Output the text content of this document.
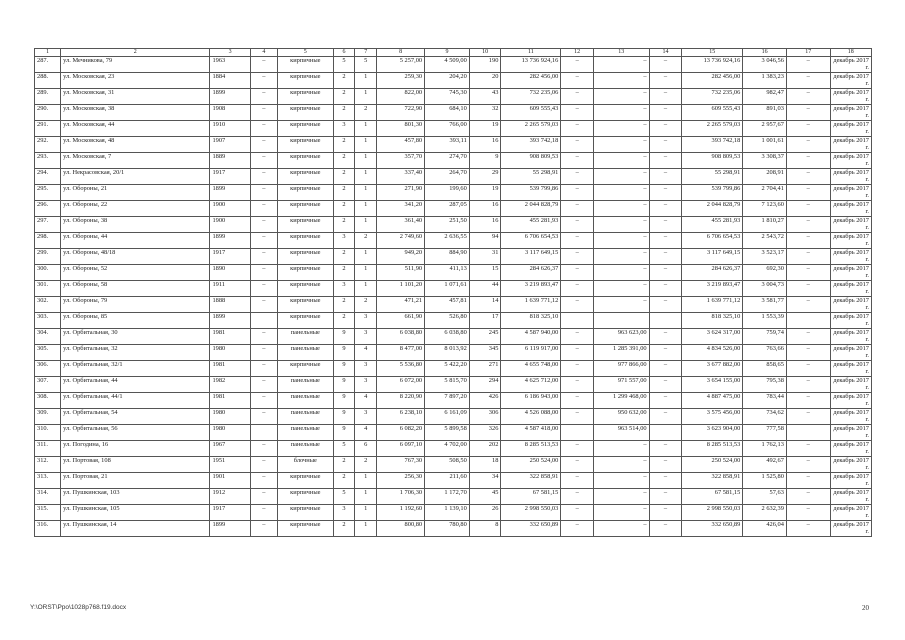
1	2	3	4	5	6	7	8	9	10	11	12	13	14	15	16	17	18
287.	ул. Мечникова, 79	1963	–	кирпичные	5	5	5 257,00	4 509,00	190	13 736 924,16	–	–	–	13 736 924,16	3 046,56	–	декабрь 2017 г.
288.	ул. Московская, 23	1884	–	кирпичные	2	1	259,30	204,20	20	282 456,00	–	–	–	282 456,00	1 383,23	–	декабрь 2017 г.
289.	ул. Московская, 31	1899	–	кирпичные	2	1	822,00	745,30	43	732 235,06	–	–	–	732 235,06	982,47	–	декабрь 2017 г.
290.	ул. Московская, 38	1908	–	кирпичные	2	2	722,90	684,10	32	609 555,43	–	–	–	609 555,43	891,03	–	декабрь 2017 г.
291.	ул. Московская, 44	1910	–	кирпичные	3	1	801,30	766,00	19	2 265 579,03	–	–	–	2 265 579,03	2 957,67	–	декабрь 2017 г.
292.	ул. Московская, 48	1907	–	кирпичные	2	1	457,80	393,11	16	393 742,18	–	–	–	393 742,18	1 001,61	–	декабрь 2017 г.
293.	ул. Московская, 7	1889	–	кирпичные	2	1	357,70	274,70	9	908 809,53	–	–	–	908 809,53	3 308,37	–	декабрь 2017 г.
294.	ул. Некрасовская, 20/1	1917	–	кирпичные	2	1	337,40	264,70	29	55 298,91	–	–	–	55 298,91	208,91	–	декабрь 2017 г.
295.	ул. Обороны, 21	1899	–	кирпичные	2	1	271,90	199,60	19	539 799,86	–	–	–	539 799,86	2 704,41	–	декабрь 2017 г.
296.	ул. Обороны, 22	1900	–	кирпичные	2	1	341,20	287,05	16	2 044 828,79	–	–	–	2 044 828,79	7 123,60	–	декабрь 2017 г.
297.	ул. Обороны, 38	1900	–	кирпичные	2	1	361,40	251,50	16	455 281,93	–	–	–	455 281,93	1 810,27	–	декабрь 2017 г.
298.	ул. Обороны, 44	1899	–	кирпичные	3	2	2 749,60	2 636,55	94	6 706 654,53	–	–	–	6 706 654,53	2 543,72	–	декабрь 2017 г.
299.	ул. Обороны, 48/18	1917	–	кирпичные	2	1	949,20	884,90	31	3 117 649,15	–	–	–	3 117 649,15	3 523,17	–	декабрь 2017 г.
300.	ул. Обороны, 52	1890	–	кирпичные	2	1	511,90	411,13	15	284 626,37	–	–	–	284 626,37	692,30	–	декабрь 2017 г.
301.	ул. Обороны, 58	1911	–	кирпичные	3	1	1 101,20	1 071,61	44	3 219 893,47	–	–	–	3 219 893,47	3 004,73	–	декабрь 2017 г.
302.	ул. Обороны, 79	1888	–	кирпичные	2	2	471,21	457,81	14	1 639 771,12	–	–	–	1 639 771,12	3 581,77	–	декабрь 2017 г.
303.	ул. Обороны, 85	1899		кирпичные	2	3	661,90	526,80	17	818 325,10				818 325,10	1 553,39		декабрь 2017 г.
304.	ул. Орбитальная, 30	1981	–	панельные	9	3	6 038,80	6 038,80	245	4 587 940,00	–	963 623,00	–	3 624 317,00	759,74	–	декабрь 2017 г.
305.	ул. Орбитальная, 32	1980	–	панельные	9	4	8 477,00	8 013,92	345	6 119 917,00	–	1 285 391,00	–	4 834 526,00	763,66	–	декабрь 2017 г.
306.	ул. Орбитальная, 32/1	1981	–	кирпичные	9	3	5 536,80	5 422,20	271	4 655 748,00	–	977 866,00	–	3 677 882,00	858,65	–	декабрь 2017 г.
307.	ул. Орбитальная, 44	1982	–	панельные	9	3	6 072,00	5 815,70	294	4 625 712,00	–	971 557,00	–	3 654 155,00	795,38	–	декабрь 2017 г.
308.	ул. Орбитальная, 44/1	1981	–	панельные	9	4	8 220,90	7 897,20	426	6 186 943,00	–	1 299 468,00	–	4 887 475,00	783,44	–	декабрь 2017 г.
309.	ул. Орбитальная, 54	1980	–	панельные	9	3	6 238,10	6 161,09	306	4 526 088,00	–	950 632,00	–	3 575 456,00	734,62	–	декабрь 2017 г.
310.	ул. Орбитальная, 56	1980		панельные	9	4	6 082,20	5 899,58	326	4 587 418,00		963 514,00		3 623 904,00	777,58		декабрь 2017 г.
311.	ул. Погодина, 16	1967	–	панельные	5	6	6 097,10	4 702,00	202	8 285 513,53	–	–	–	8 285 513,53	1 762,13	–	декабрь 2017 г.
312.	ул. Портовая, 108	1951	–	блочные	2	2	767,30	508,50	18	250 524,00	–	–	–	250 524,00	492,67	–	декабрь 2017 г.
313.	ул. Портовая, 21	1901	–	кирпичные	2	1	256,30	211,60	34	322 858,91	–	–	–	322 858,91	1 525,80	–	декабрь 2017 г.
314.	ул. Пушкинская, 103	1912	–	кирпичные	5	1	1 706,30	1 172,70	45	67 581,15	–	–	–	67 581,15	57,63	–	декабрь 2017 г.
315.	ул. Пушкинская, 105	1917	–	кирпичные	3	1	1 192,60	1 139,10	26	2 998 550,03	–	–	–	2 998 550,03	2 632,39	–	декабрь 2017 г.
316.	ул. Пушкинская, 14	1899	–	кирпичные	2	1	800,80	780,80	8	332 650,89	–	–	–	332 650,89	426,04	–	декабрь 2017 г.
Y:\ORST\Ppo\1028p768.f19.docx	20
